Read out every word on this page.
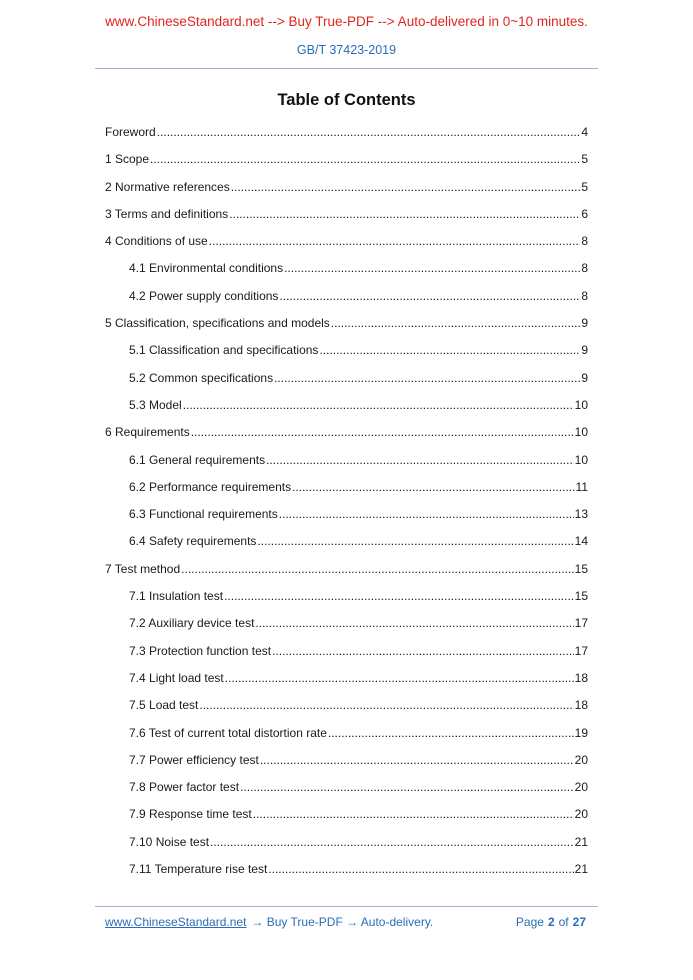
www.ChineseStandard.net --> Buy True-PDF --> Auto-delivered in 0~10 minutes.
GB/T 37423-2019
Table of Contents
Foreword .....	4
1 Scope .....	5
2 Normative references .....	5
3 Terms and definitions .....	6
4 Conditions of use .....	8
4.1 Environmental conditions .....	8
4.2 Power supply conditions .....	8
5 Classification, specifications and models .....	9
5.1 Classification and specifications .....	9
5.2 Common specifications .....	9
5.3 Model .....	10
6 Requirements .....	10
6.1 General requirements .....	10
6.2 Performance requirements .....	11
6.3 Functional requirements .....	13
6.4 Safety requirements .....	14
7 Test method .....	15
7.1 Insulation test .....	15
7.2 Auxiliary device test .....	17
7.3 Protection function test .....	17
7.4 Light load test .....	18
7.5 Load test .....	18
7.6 Test of current total distortion rate .....	19
7.7 Power efficiency test .....	20
7.8 Power factor test .....	20
7.9 Response time test .....	20
7.10 Noise test .....	21
7.11 Temperature rise test .....	21
www.ChineseStandard.net → Buy True-PDF → Auto-delivery.	Page 2 of 27
